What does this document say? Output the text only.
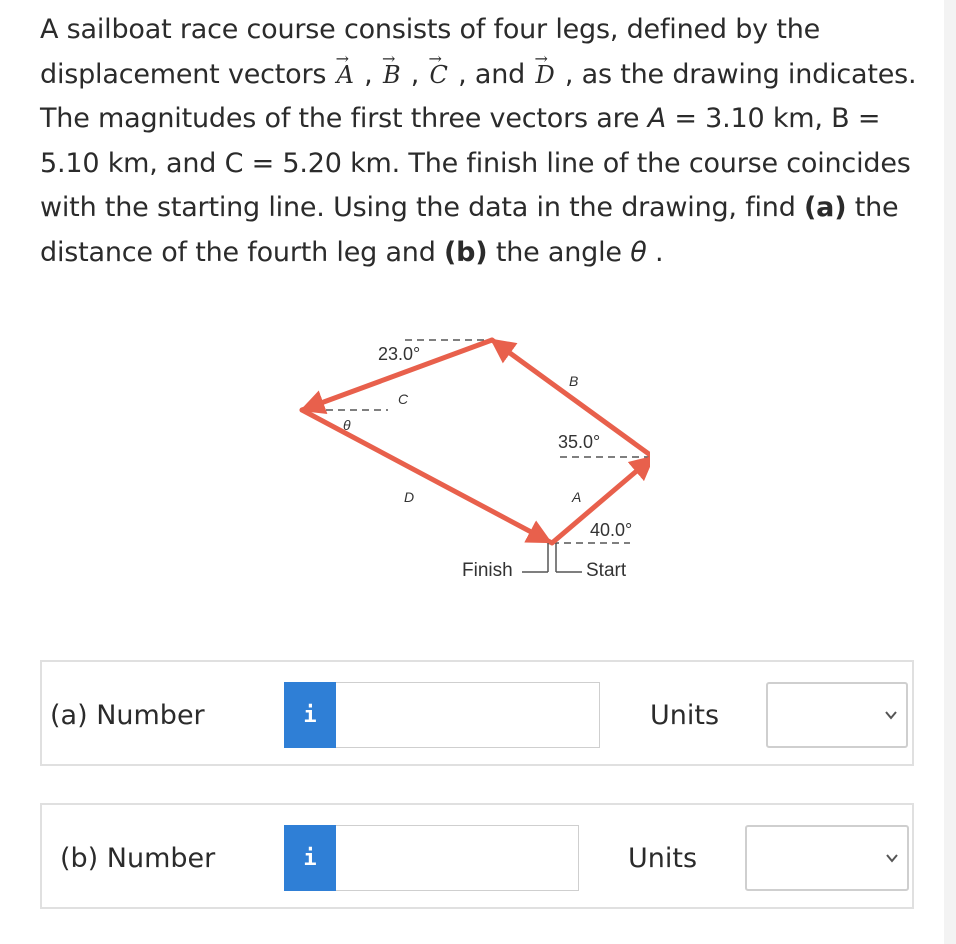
A sailboat race course consists of four legs, defined by the displacement vectors → A , → B , → C , and → D , as the drawing indicates. The magnitudes of the first three vectors are A = 3.10 km, B = 5.10 km, and C = 5.20 km. The finish line of the course coincides with the starting line. Using the data in the drawing, find (a) the distance of the fourth leg and (b) the angle θ .
23.0°
35.0°
40.0°
θ
B
C
D	A
Finish	Start
(a) Number	i	Units
(b) Number	i	Units
